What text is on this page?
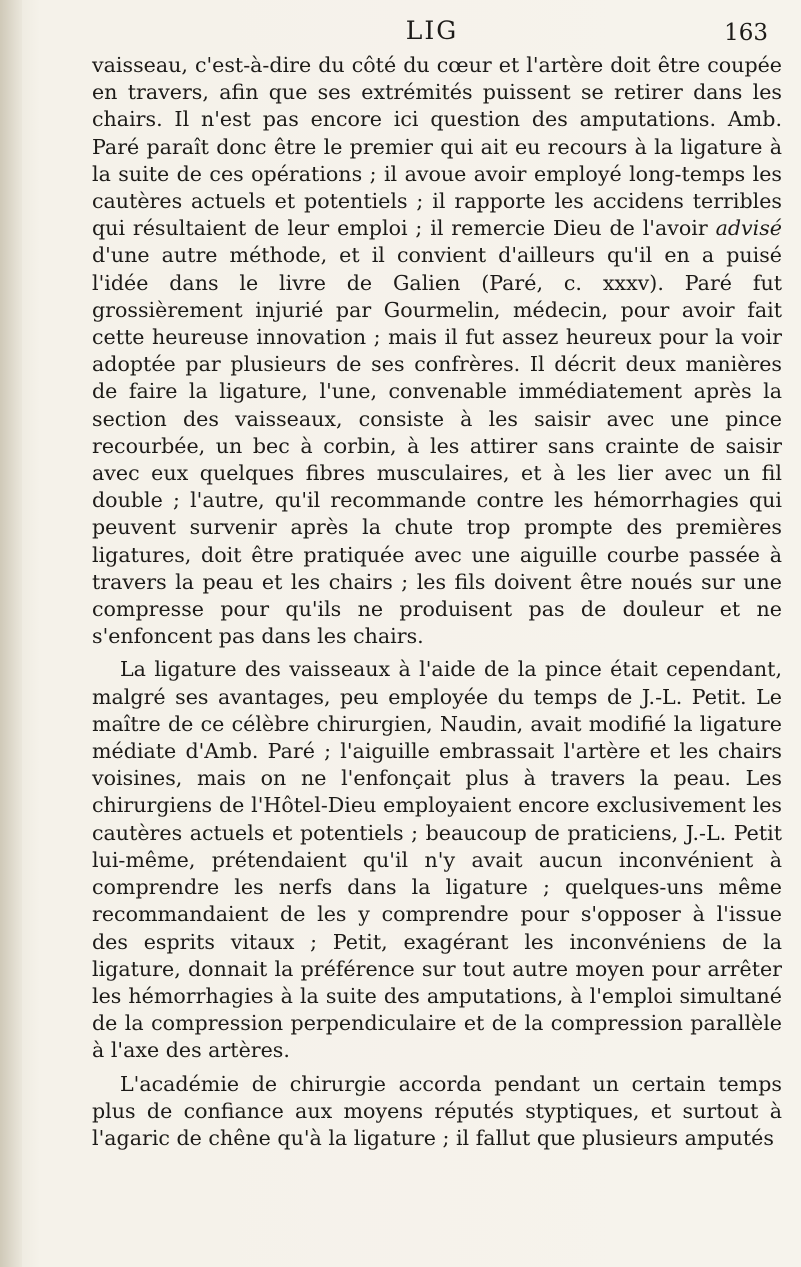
LIG	163

vaisseau, c'est-à-dire du côté du cœur et l'artère doit être coupée en travers, afin que ses extrémités puissent se retirer dans les chairs. Il n'est pas encore ici question des amputations. Amb. Paré paraît donc être le premier qui ait eu recours à la ligature à la suite de ces opérations ; il avoue avoir employé long-temps les cautères actuels et potentiels ; il rapporte les accidens terribles qui résultaient de leur emploi ; il remercie Dieu de l'avoir advisé d'une autre méthode, et il convient d'ailleurs qu'il en a puisé l'idée dans le livre de Galien (Paré, c. xxxv). Paré fut grossièrement injurié par Gourmelin, médecin, pour avoir fait cette heureuse innovation ; mais il fut assez heureux pour la voir adoptée par plusieurs de ses confrères. Il décrit deux manières de faire la ligature, l'une, convenable immédiatement après la section des vaisseaux, consiste à les saisir avec une pince recourbée, un bec à corbin, à les attirer sans crainte de saisir avec eux quelques fibres musculaires, et à les lier avec un fil double ; l'autre, qu'il recommande contre les hémorrhagies qui peuvent survenir après la chute trop prompte des premières ligatures, doit être pratiquée avec une aiguille courbe passée à travers la peau et les chairs ; les fils doivent être noués sur une compresse pour qu'ils ne produisent pas de douleur et ne s'enfoncent pas dans les chairs.

La ligature des vaisseaux à l'aide de la pince était cependant, malgré ses avantages, peu employée du temps de J.-L. Petit. Le maître de ce célèbre chirurgien, Naudin, avait modifié la ligature médiate d'Amb. Paré ; l'aiguille embrassait l'artère et les chairs voisines, mais on ne l'enfonçait plus à travers la peau. Les chirurgiens de l'Hôtel-Dieu employaient encore exclusivement les cautères actuels et potentiels ; beaucoup de praticiens, J.-L. Petit lui-même, prétendaient qu'il n'y avait aucun inconvénient à comprendre les nerfs dans la ligature ; quelques-uns même recommandaient de les y comprendre pour s'opposer à l'issue des esprits vitaux ; Petit, exagérant les inconvéniens de la ligature, donnait la préférence sur tout autre moyen pour arrêter les hémorrhagies à la suite des amputations, à l'emploi simultané de la compression perpendiculaire et de la compression parallèle à l'axe des artères.

L'académie de chirurgie accorda pendant un certain temps plus de confiance aux moyens réputés styptiques, et surtout à l'agaric de chêne qu'à la ligature ; il fallut que plusieurs amputés
